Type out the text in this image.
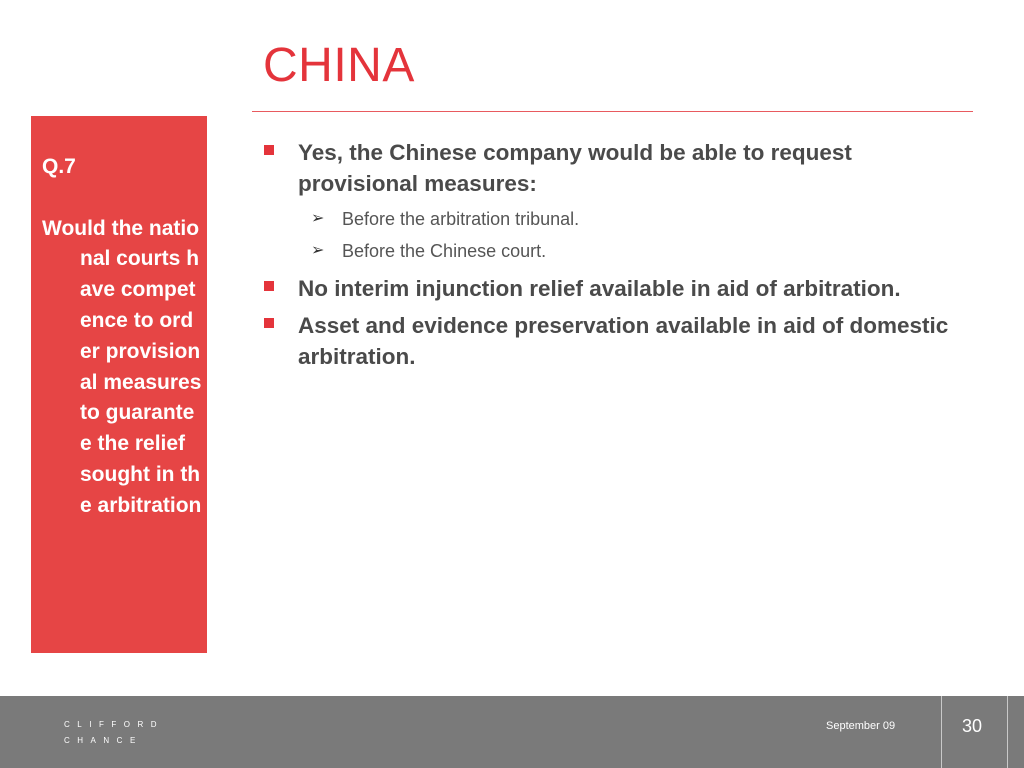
CHINA
Q.7
Would the national courts have competence to order provisional measures to guarantee the relief sought in the arbitration
Yes, the Chinese company would be able to request provisional measures:
➢ Before the arbitration tribunal.
➢ Before the Chinese court.
No interim injunction relief available in aid of arbitration.
Asset and evidence preservation available in aid of domestic arbitration.
CLIFFORD
CHANCE
September 09	30
